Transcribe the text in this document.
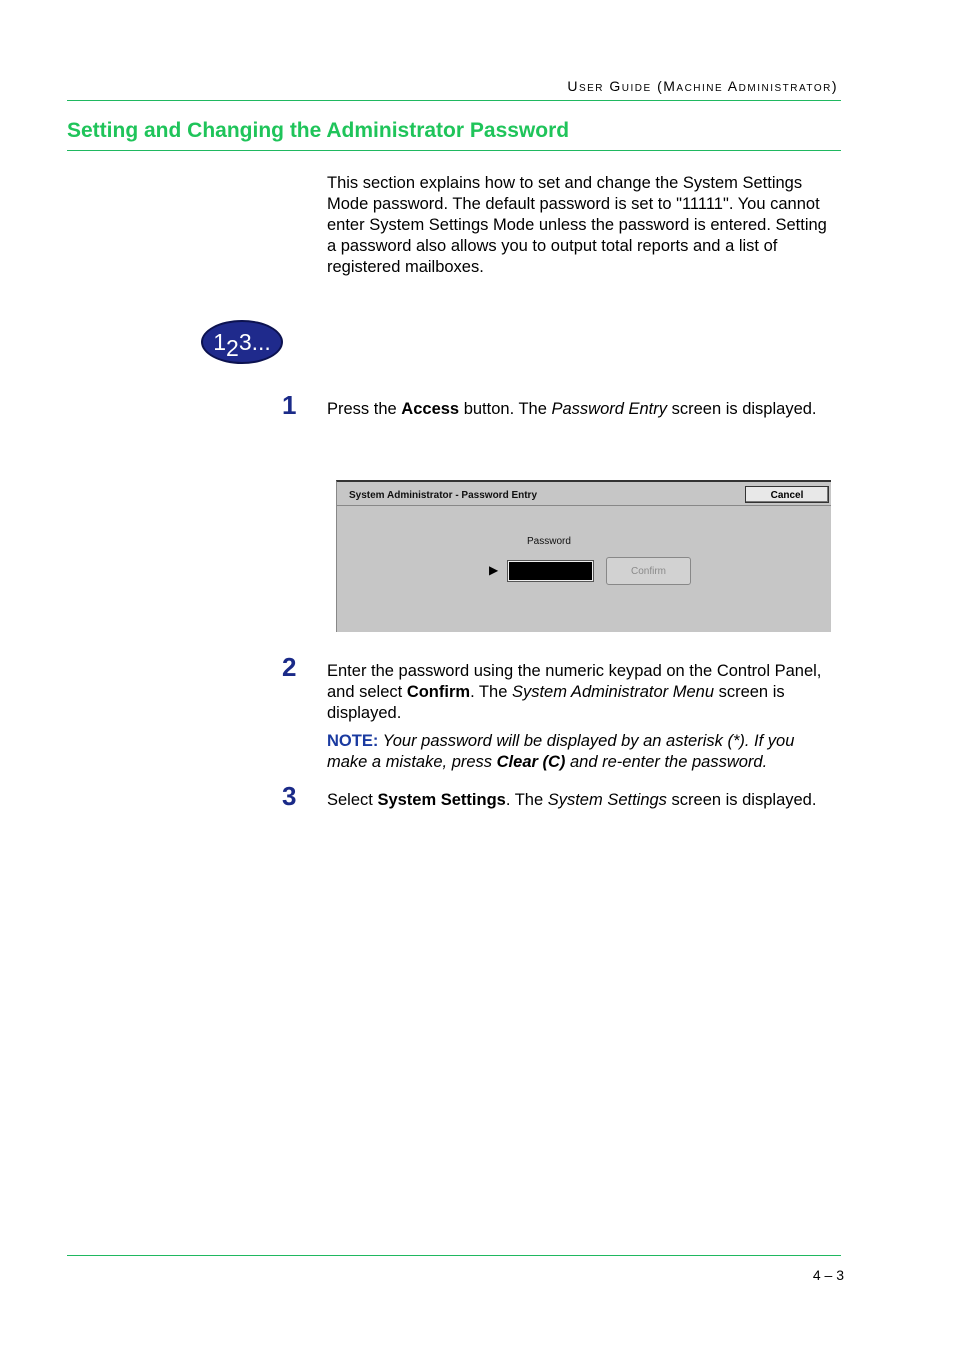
User Guide (Machine Administrator)
Setting and Changing the Administrator Password
This section explains how to set and change the System Settings Mode password. The default password is set to "11111". You cannot enter System Settings Mode unless the password is entered. Setting a password also allows you to output total reports and a list of registered mailboxes.
123...
1 Press the Access button. The Password Entry screen is displayed.
System Administrator - Password Entry	Cancel
Password
▶	Confirm
2 Enter the password using the numeric keypad on the Control Panel, and select Confirm. The System Administrator Menu screen is displayed.
NOTE: Your password will be displayed by an asterisk (*). If you make a mistake, press Clear (C) and re-enter the password.
3 Select System Settings. The System Settings screen is displayed.
4 – 3
